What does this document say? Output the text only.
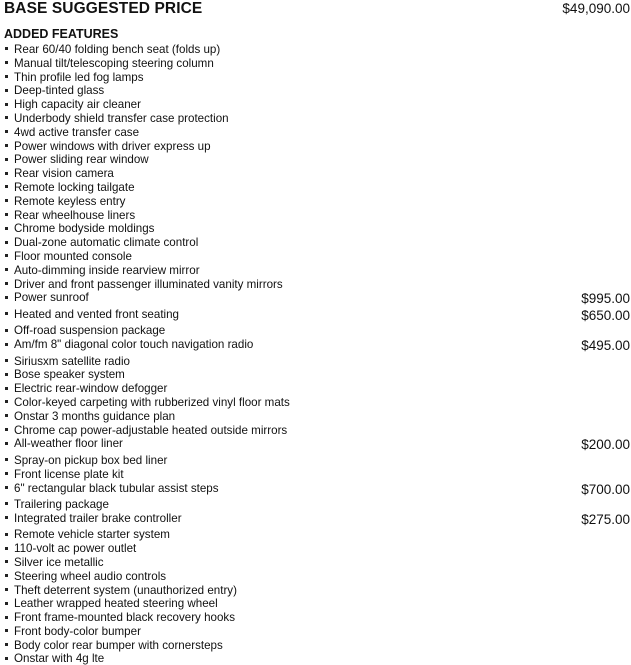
BASE SUGGESTED PRICE	$49,090.00
ADDED FEATURES
Rear 60/40 folding bench seat (folds up)
Manual tilt/telescoping steering column
Thin profile led fog lamps
Deep-tinted glass
High capacity air cleaner
Underbody shield transfer case protection
4wd active transfer case
Power windows with driver express up
Power sliding rear window
Rear vision camera
Remote locking tailgate
Remote keyless entry
Rear wheelhouse liners
Chrome bodyside moldings
Dual-zone automatic climate control
Floor mounted console
Auto-dimming inside rearview mirror
Driver and front passenger illuminated vanity mirrors
Power sunroof	$995.00
Heated and vented front seating	$650.00
Off-road suspension package
Am/fm 8" diagonal color touch navigation radio	$495.00
Siriusxm satellite radio
Bose speaker system
Electric rear-window defogger
Color-keyed carpeting with rubberized vinyl floor mats
Onstar 3 months guidance plan
Chrome cap power-adjustable heated outside mirrors
All-weather floor liner	$200.00
Spray-on pickup box bed liner
Front license plate kit
6" rectangular black tubular assist steps	$700.00
Trailering package
Integrated trailer brake controller	$275.00
Remote vehicle starter system
110-volt ac power outlet
Silver ice metallic
Steering wheel audio controls
Theft deterrent system (unauthorized entry)
Leather wrapped heated steering wheel
Front frame-mounted black recovery hooks
Front body-color bumper
Body color rear bumper with cornersteps
Onstar with 4g lte
